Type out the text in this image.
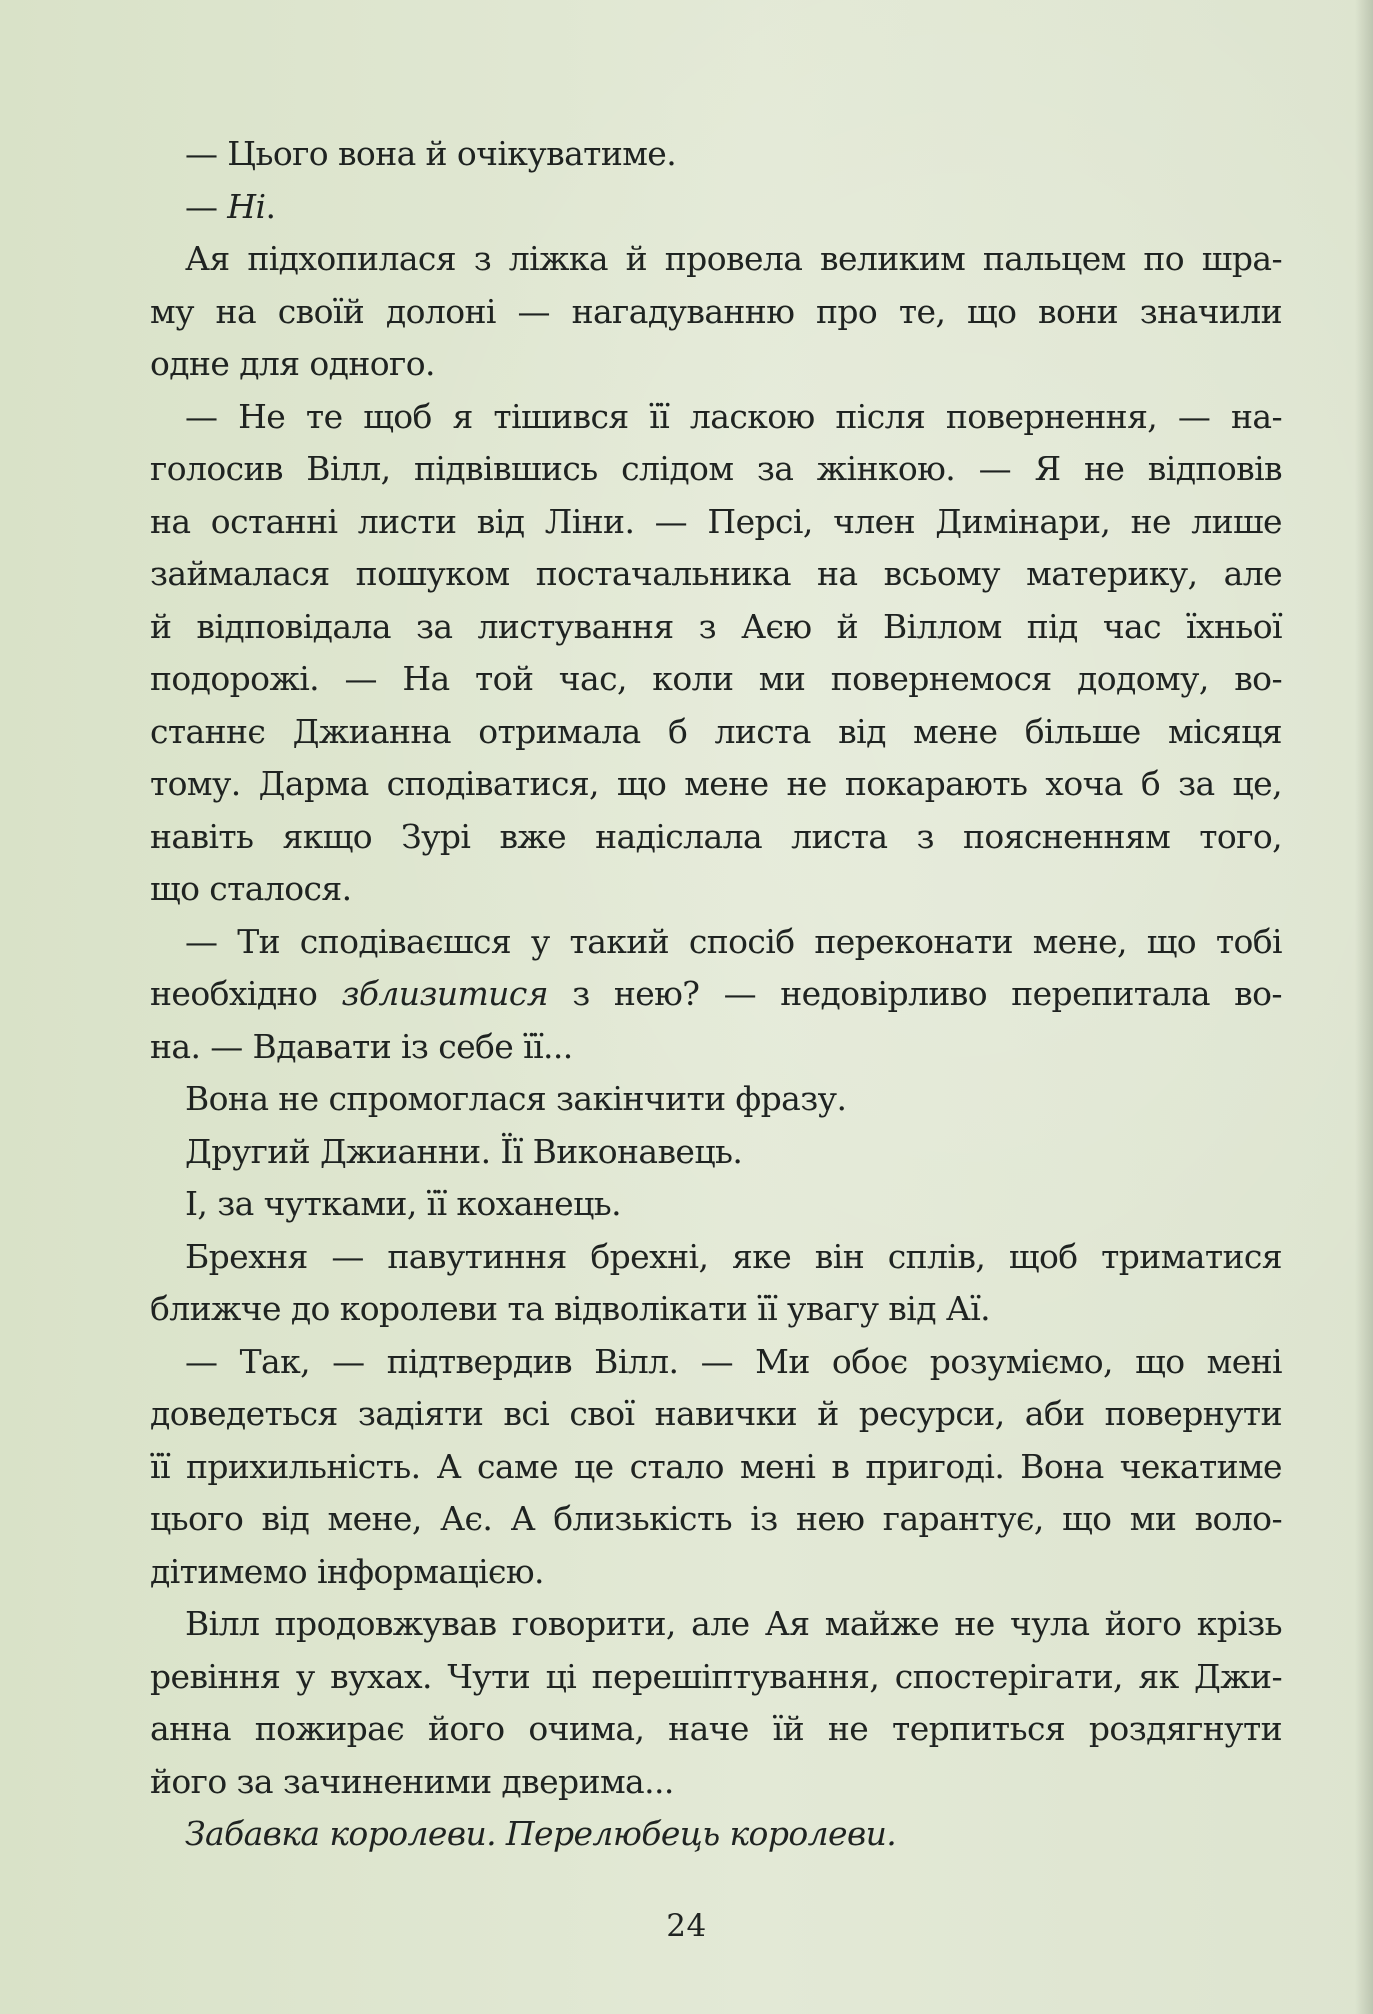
— Цього вона й очікуватиме.
— Ні.
Ая підхопилася з ліжка й провела великим пальцем по шра-
му на своїй долоні — нагадуванню про те, що вони значили
одне для одного.
— Не те щоб я тішився її ласкою після повернення, — на-
голосив Вілл, підвівшись слідом за жінкою. — Я не відповів
на останні листи від Ліни. — Персі, член Димінари, не лише
займалася пошуком постачальника на всьому материку, але
й відповідала за листування з Аєю й Віллом під час їхньої
подорожі. — На той час, коли ми повернемося додому, во-
станнє Джианна отримала б листа від мене більше місяця
тому. Дарма сподіватися, що мене не покарають хоча б за це,
навіть якщо Зурі вже надіслала листа з поясненням того,
що сталося.
— Ти сподіваєшся у такий спосіб переконати мене, що тобі
необхідно зблизитися з нею? — недовірливо перепитала во-
на. — Вдавати із себе її...
Вона не спромоглася закінчити фразу.
Другий Джианни. Її Виконавець.
І, за чутками, її коханець.
Брехня — павутиння брехні, яке він сплів, щоб триматися
ближче до королеви та відволікати її увагу від Аї.
— Так, — підтвердив Вілл. — Ми обоє розуміємо, що мені
доведеться задіяти всі свої навички й ресурси, аби повернути
її прихильність. А саме це стало мені в пригоді. Вона чекатиме
цього від мене, Ає. А близькість із нею гарантує, що ми воло-
дітимемо інформацією.
Вілл продовжував говорити, але Ая майже не чула його крізь
ревіння у вухах. Чути ці перешіптування, спостерігати, як Джи-
анна пожирає його очима, наче їй не терпиться роздягнути
його за зачиненими дверима...
Забавка королеви. Перелюбець королеви.
24
